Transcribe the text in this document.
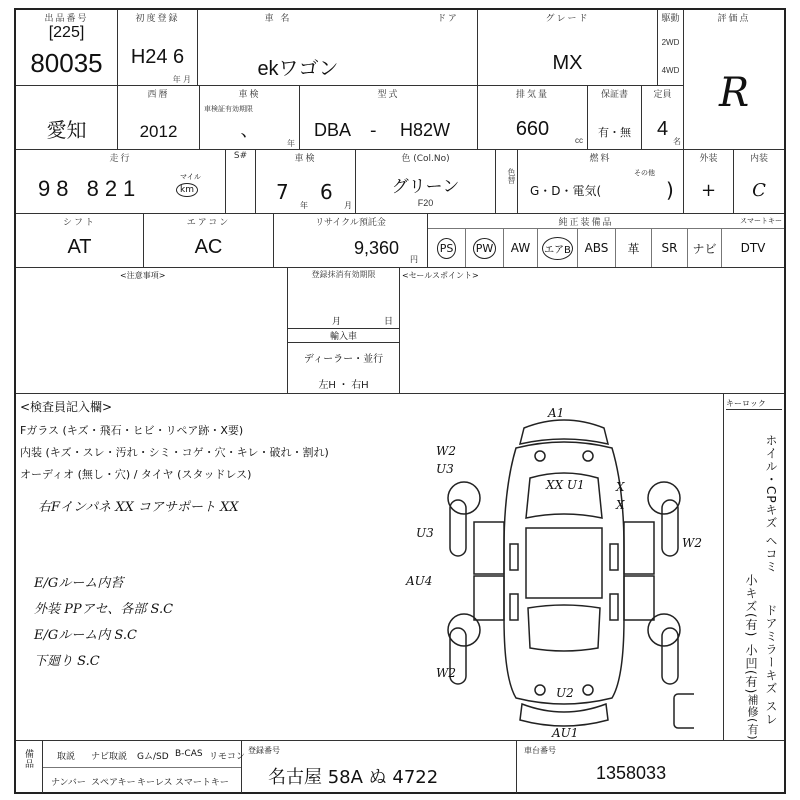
出品番号
[225]
80035
初度登録
H24 6
年 月
車 名	ドア
ekワゴン
グレード
MX
駆動
2WD
4WD
評価点
R
愛知
西暦
2012
車検
車検証有効期限
、
年
型式
DBA - H82W
排気量
660
cc
保証書
有・無
定員
4
名
走行
98 821	マイル
km
S#	車検
7
年
6
月
色 (Col.No)
グリーン
F20
色替
燃料
その他
G・D・電気(	)
外装
+
内装
C
シフト
AT
エアコン
AC
リサイクル預託金
9,360
円
純正装備品	スマートキー
PS PW AW エアB ABS 革 SR ナビ DTV
<注意事項>	登録抹消有効期限
月	日
輸入車
ディーラー・並行
左H ・ 右H
<セールスポイント>
<検査員記入欄>
Fガラス (キズ・飛石・ヒビ・リペア跡・X要)
内装 (キズ・スレ・汚れ・シミ・コゲ・穴・キレ・破れ・割れ)
オーディオ (無し・穴) / タイヤ (スタッドレス)
右Fインパネ XX コアサポート XX
E/Gルーム内苔
外装 PPアセ、各部 S.C
E/Gルーム内 S.C
下廻り S.C
A1
W2
U3
XX U1	X
X
U3
W2
AU4
W2
U2
AU1
キーロック
ホイル・CPキズ ヘコミ
ドアミラーキズ スレ
小キズ(有)
小凹(有)
補修(有)
備品	取説 ナビ取説 Gム/SD B-CAS リモコン
ナンバー スペアキー キーレス スマートキー
登録番号
名古屋 58A ぬ 4722
車台番号
1358033
